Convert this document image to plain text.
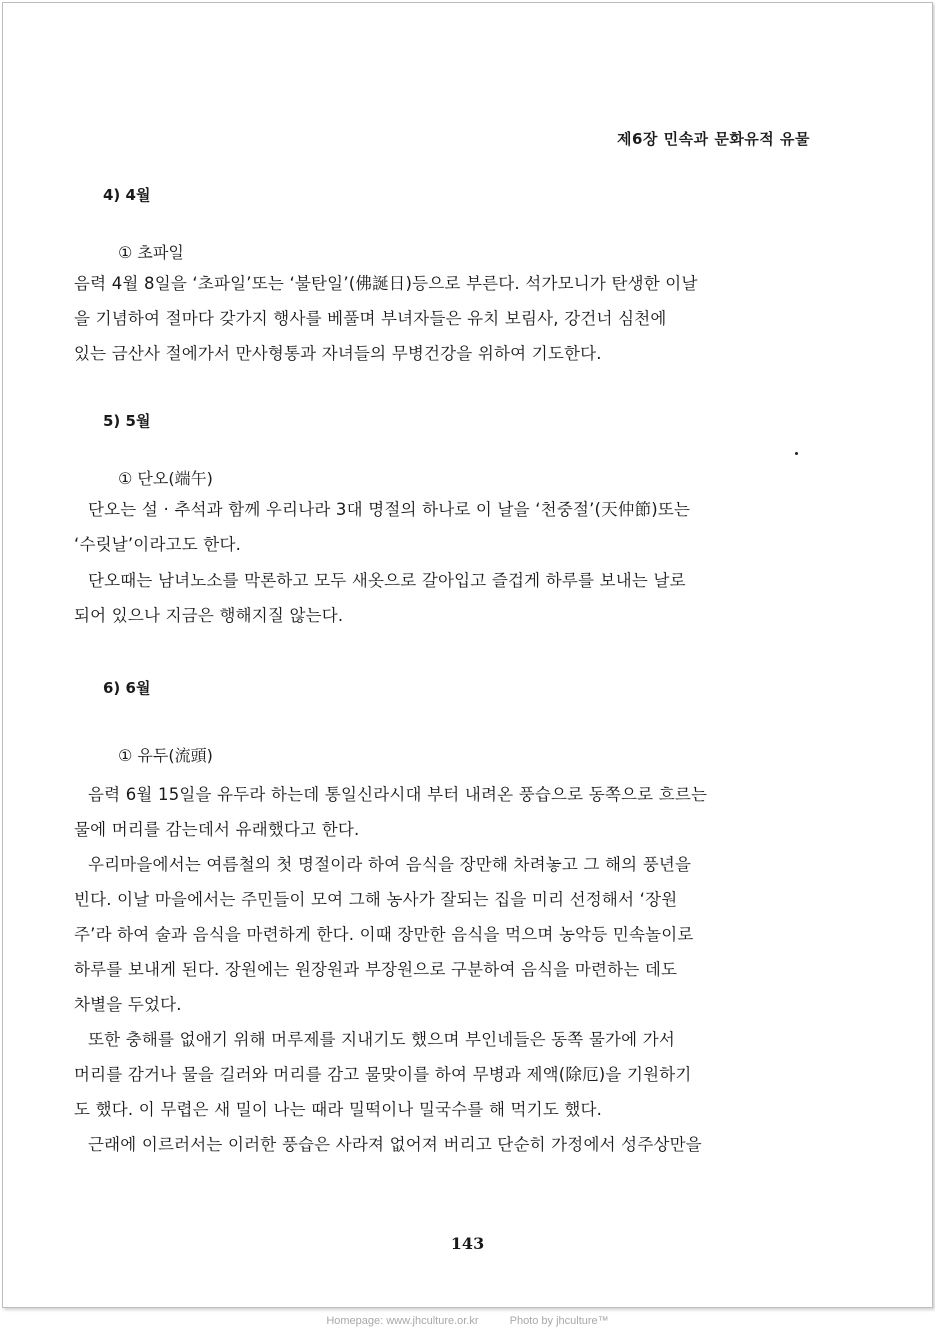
제6장 민속과 문화유적 유물
4) 4월
① 초파일
음력 4월 8일을 ‘초파일’또는 ‘불탄일’(佛誕日)등으로 부른다. 석가모니가 탄생한 이날
을 기념하여 절마다 갖가지 행사를 베풀며 부녀자들은 유치 보림사, 강건너 심천에
있는 금산사 절에가서 만사형통과 자녀들의 무병건강을 위하여 기도한다.
5) 5월
① 단오(端午)
단오는 설 · 추석과 함께 우리나라 3대 명절의 하나로 이 날을 ‘천중절’(天仲節)또는
‘수릿날’이라고도 한다.
단오때는 남녀노소를 막론하고 모두 새옷으로 갈아입고 즐겁게 하루를 보내는 날로
되어 있으나 지금은 행해지질 않는다.
6) 6월
① 유두(流頭)
음력 6월 15일을 유두라 하는데 통일신라시대 부터 내려온 풍습으로 동쪽으로 흐르는
물에 머리를 감는데서 유래했다고 한다.
우리마을에서는 여름철의 첫 명절이라 하여 음식을 장만해 차려놓고 그 해의 풍년을
빈다. 이날 마을에서는 주민들이 모여 그해 농사가 잘되는 집을 미리 선정해서 ‘장원
주’라 하여 술과 음식을 마련하게 한다. 이때 장만한 음식을 먹으며 농악등 민속놀이로
하루를 보내게 된다. 장원에는 원장원과 부장원으로 구분하여 음식을 마련하는 데도
차별을 두었다.
또한 충해를 없애기 위해 머루제를 지내기도 했으며 부인네들은 동쪽 물가에 가서
머리를 감거나 물을 길러와 머리를 감고 물맞이를 하여 무병과 제액(除厄)을 기원하기
도 했다. 이 무렵은 새 밀이 나는 때라 밀떡이나 밀국수를 해 먹기도 했다.
근래에 이르러서는 이러한 풍습은 사라져 없어져 버리고 단순히 가정에서 성주상만을
143
Homepage: www.jhculture.or.kr	Photo by jhculture™
